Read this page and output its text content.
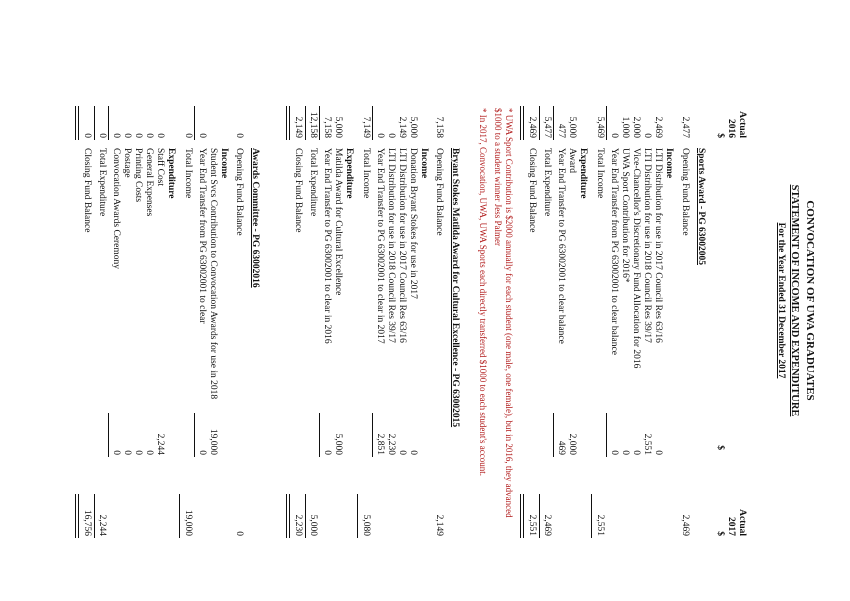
CONVOCATION OF UWA GRADUATES
STATEMENT OF INCOME AND EXPENDITURE
For the Year Ended 31 December 2017
Actual
2016
$
$
Actual
2017
$
Sports Award - PG 63002005
2,477
Opening Fund Balance
2,469
Income
2,469
LTI Distribution for use in 2017 Council Res 63/16
0
0
LTI Distribution for use in 2018 Council Res 39/17
2,551
2,000
Vice-Chancellor's Discretionary Fund Allocation for 2016
0
1,000
UWA Sport Contribution for 2016*
0
0
Year End Transfer from PG 63002001 to clear balance
0
5,469
Total Income
2,551
Expenditure
5,000
Award
2,000
477
Year End Transfer to PG 63002001 to clear balance
469
5,477
Total Expenditure
2,469
2,469
Closing Fund Balance
2,551
* UWA Sport Contribution is $2000 annually for each student (one male, one female), but in 2016, they advanced
$1000 to a student winner Jess Palmer
* In 2017, Convocation, UWA, UWA Sports each directly transferred $1000 to each student's account.
Bryant Stokes Matilda Award for Cultural Excellence - PG 63002015
7,158
Opening Fund Balance
2,149
Income
5,000
Donation Bryant Stokes for use in 2017
0
2,149
LTI Distribution for use in 2017 Council Res 63/16
0
0
LTI Distribution for use in 2018 Council Res 39/17
2,230
0
Year End Transfer to PG 63002001 to clear in 2017
2,851
7,149
Total Income
5,080
Expenditure
5,000
Matilda Award for Cultural Excellence
5,000
7,158
Year End Transfer to PG 63002001 to clear in 2016
0
12,158
Total Expenditure
5,000
2,149
Closing Fund Balance
2,230
Awards Committee - PG 63002016
0
Opening Fund Balance
0
Income
Student Svcs Contribution to Convocation Awards for use in 2018
19,000
0
Year End Transfer from PG 63002001 to clear
0
0
Total Income
19,000
Expenditure
0
Staff Cost
2,244
0
General Expenses
0
0
Printing Costs
0
0
Postage
0
0
Convocation Awards Ceremony
0
0
Total Expenditure
2,244
0
Closing Fund Balance
16,756
